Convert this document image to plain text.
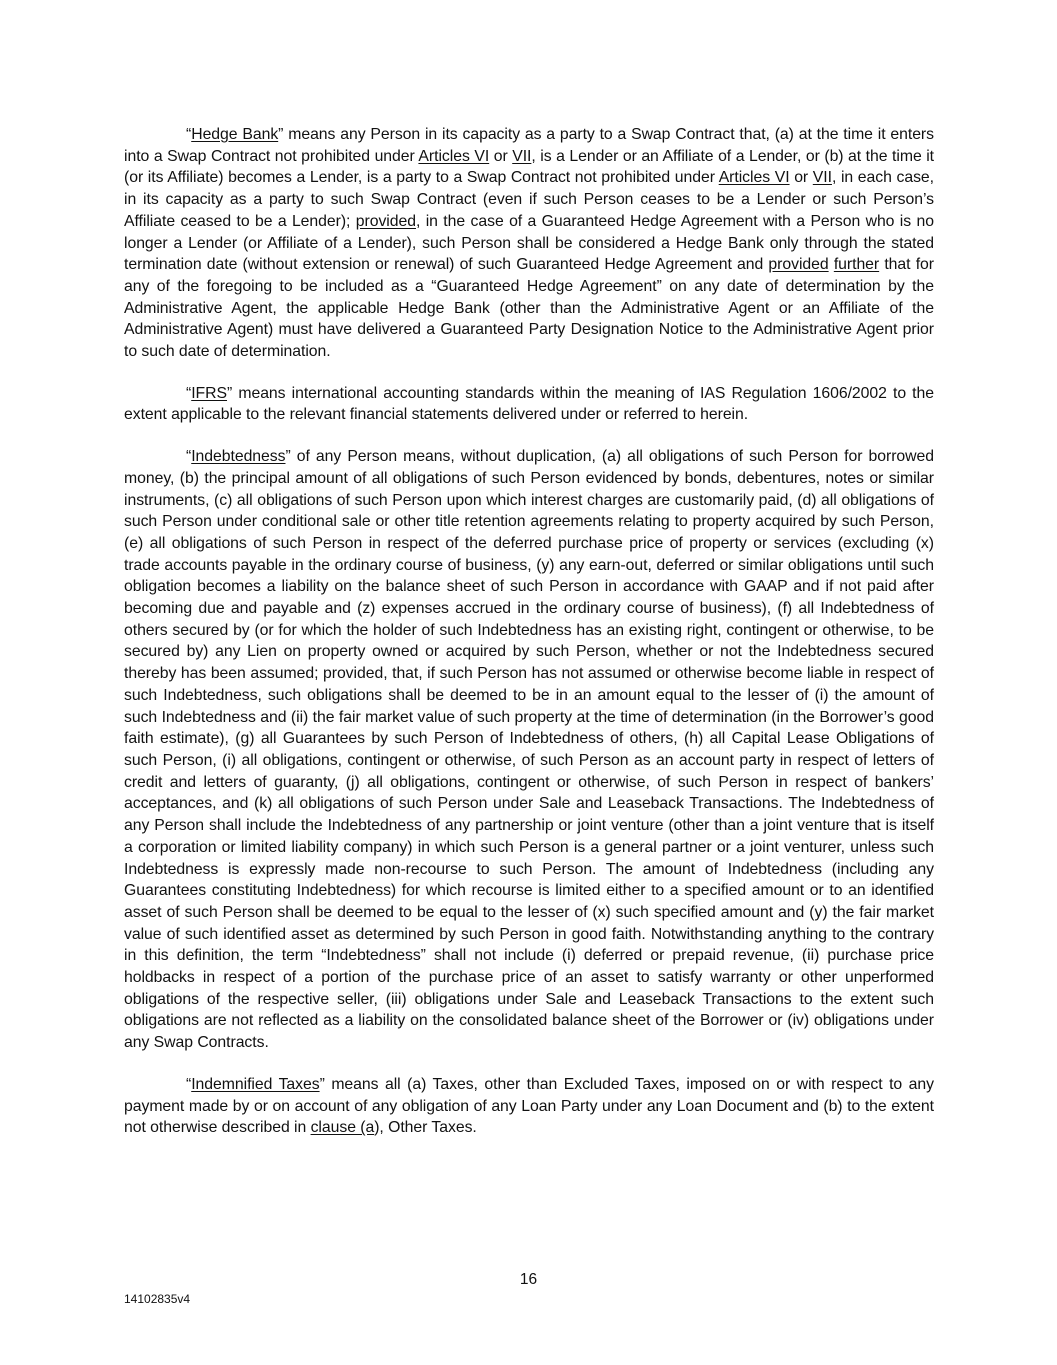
“Hedge Bank” means any Person in its capacity as a party to a Swap Contract that, (a) at the time it enters into a Swap Contract not prohibited under Articles VI or VII, is a Lender or an Affiliate of a Lender, or (b) at the time it (or its Affiliate) becomes a Lender, is a party to a Swap Contract not prohibited under Articles VI or VII, in each case, in its capacity as a party to such Swap Contract (even if such Person ceases to be a Lender or such Person’s Affiliate ceased to be a Lender); provided, in the case of a Guaranteed Hedge Agreement with a Person who is no longer a Lender (or Affiliate of a Lender), such Person shall be considered a Hedge Bank only through the stated termination date (without extension or renewal) of such Guaranteed Hedge Agreement and provided further that for any of the foregoing to be included as a “Guaranteed Hedge Agreement” on any date of determination by the Administrative Agent, the applicable Hedge Bank (other than the Administrative Agent or an Affiliate of the Administrative Agent) must have delivered a Guaranteed Party Designation Notice to the Administrative Agent prior to such date of determination.

“IFRS” means international accounting standards within the meaning of IAS Regulation 1606/2002 to the extent applicable to the relevant financial statements delivered under or referred to herein.

“Indebtedness” of any Person means, without duplication, (a) all obligations of such Person for borrowed money, (b) the principal amount of all obligations of such Person evidenced by bonds, debentures, notes or similar instruments, (c) all obligations of such Person upon which interest charges are customarily paid, (d) all obligations of such Person under conditional sale or other title retention agreements relating to property acquired by such Person, (e) all obligations of such Person in respect of the deferred purchase price of property or services (excluding (x) trade accounts payable in the ordinary course of business, (y) any earn-out, deferred or similar obligations until such obligation becomes a liability on the balance sheet of such Person in accordance with GAAP and if not paid after becoming due and payable and (z) expenses accrued in the ordinary course of business), (f) all Indebtedness of others secured by (or for which the holder of such Indebtedness has an existing right, contingent or otherwise, to be secured by) any Lien on property owned or acquired by such Person, whether or not the Indebtedness secured thereby has been assumed; provided, that, if such Person has not assumed or otherwise become liable in respect of such Indebtedness, such obligations shall be deemed to be in an amount equal to the lesser of (i) the amount of such Indebtedness and (ii) the fair market value of such property at the time of determination (in the Borrower’s good faith estimate), (g) all Guarantees by such Person of Indebtedness of others, (h) all Capital Lease Obligations of such Person, (i) all obligations, contingent or otherwise, of such Person as an account party in respect of letters of credit and letters of guaranty, (j) all obligations, contingent or otherwise, of such Person in respect of bankers’ acceptances, and (k) all obligations of such Person under Sale and Leaseback Transactions. The Indebtedness of any Person shall include the Indebtedness of any partnership or joint venture (other than a joint venture that is itself a corporation or limited liability company) in which such Person is a general partner or a joint venturer, unless such Indebtedness is expressly made non-recourse to such Person. The amount of Indebtedness (including any Guarantees constituting Indebtedness) for which recourse is limited either to a specified amount or to an identified asset of such Person shall be deemed to be equal to the lesser of (x) such specified amount and (y) the fair market value of such identified asset as determined by such Person in good faith. Notwithstanding anything to the contrary in this definition, the term “Indebtedness” shall not include (i) deferred or prepaid revenue, (ii) purchase price holdbacks in respect of a portion of the purchase price of an asset to satisfy warranty or other unperformed obligations of the respective seller, (iii) obligations under Sale and Leaseback Transactions to the extent such obligations are not reflected as a liability on the consolidated balance sheet of the Borrower or (iv) obligations under any Swap Contracts.

“Indemnified Taxes” means all (a) Taxes, other than Excluded Taxes, imposed on or with respect to any payment made by or on account of any obligation of any Loan Party under any Loan Document and (b) to the extent not otherwise described in clause (a), Other Taxes.

16
14102835v4
